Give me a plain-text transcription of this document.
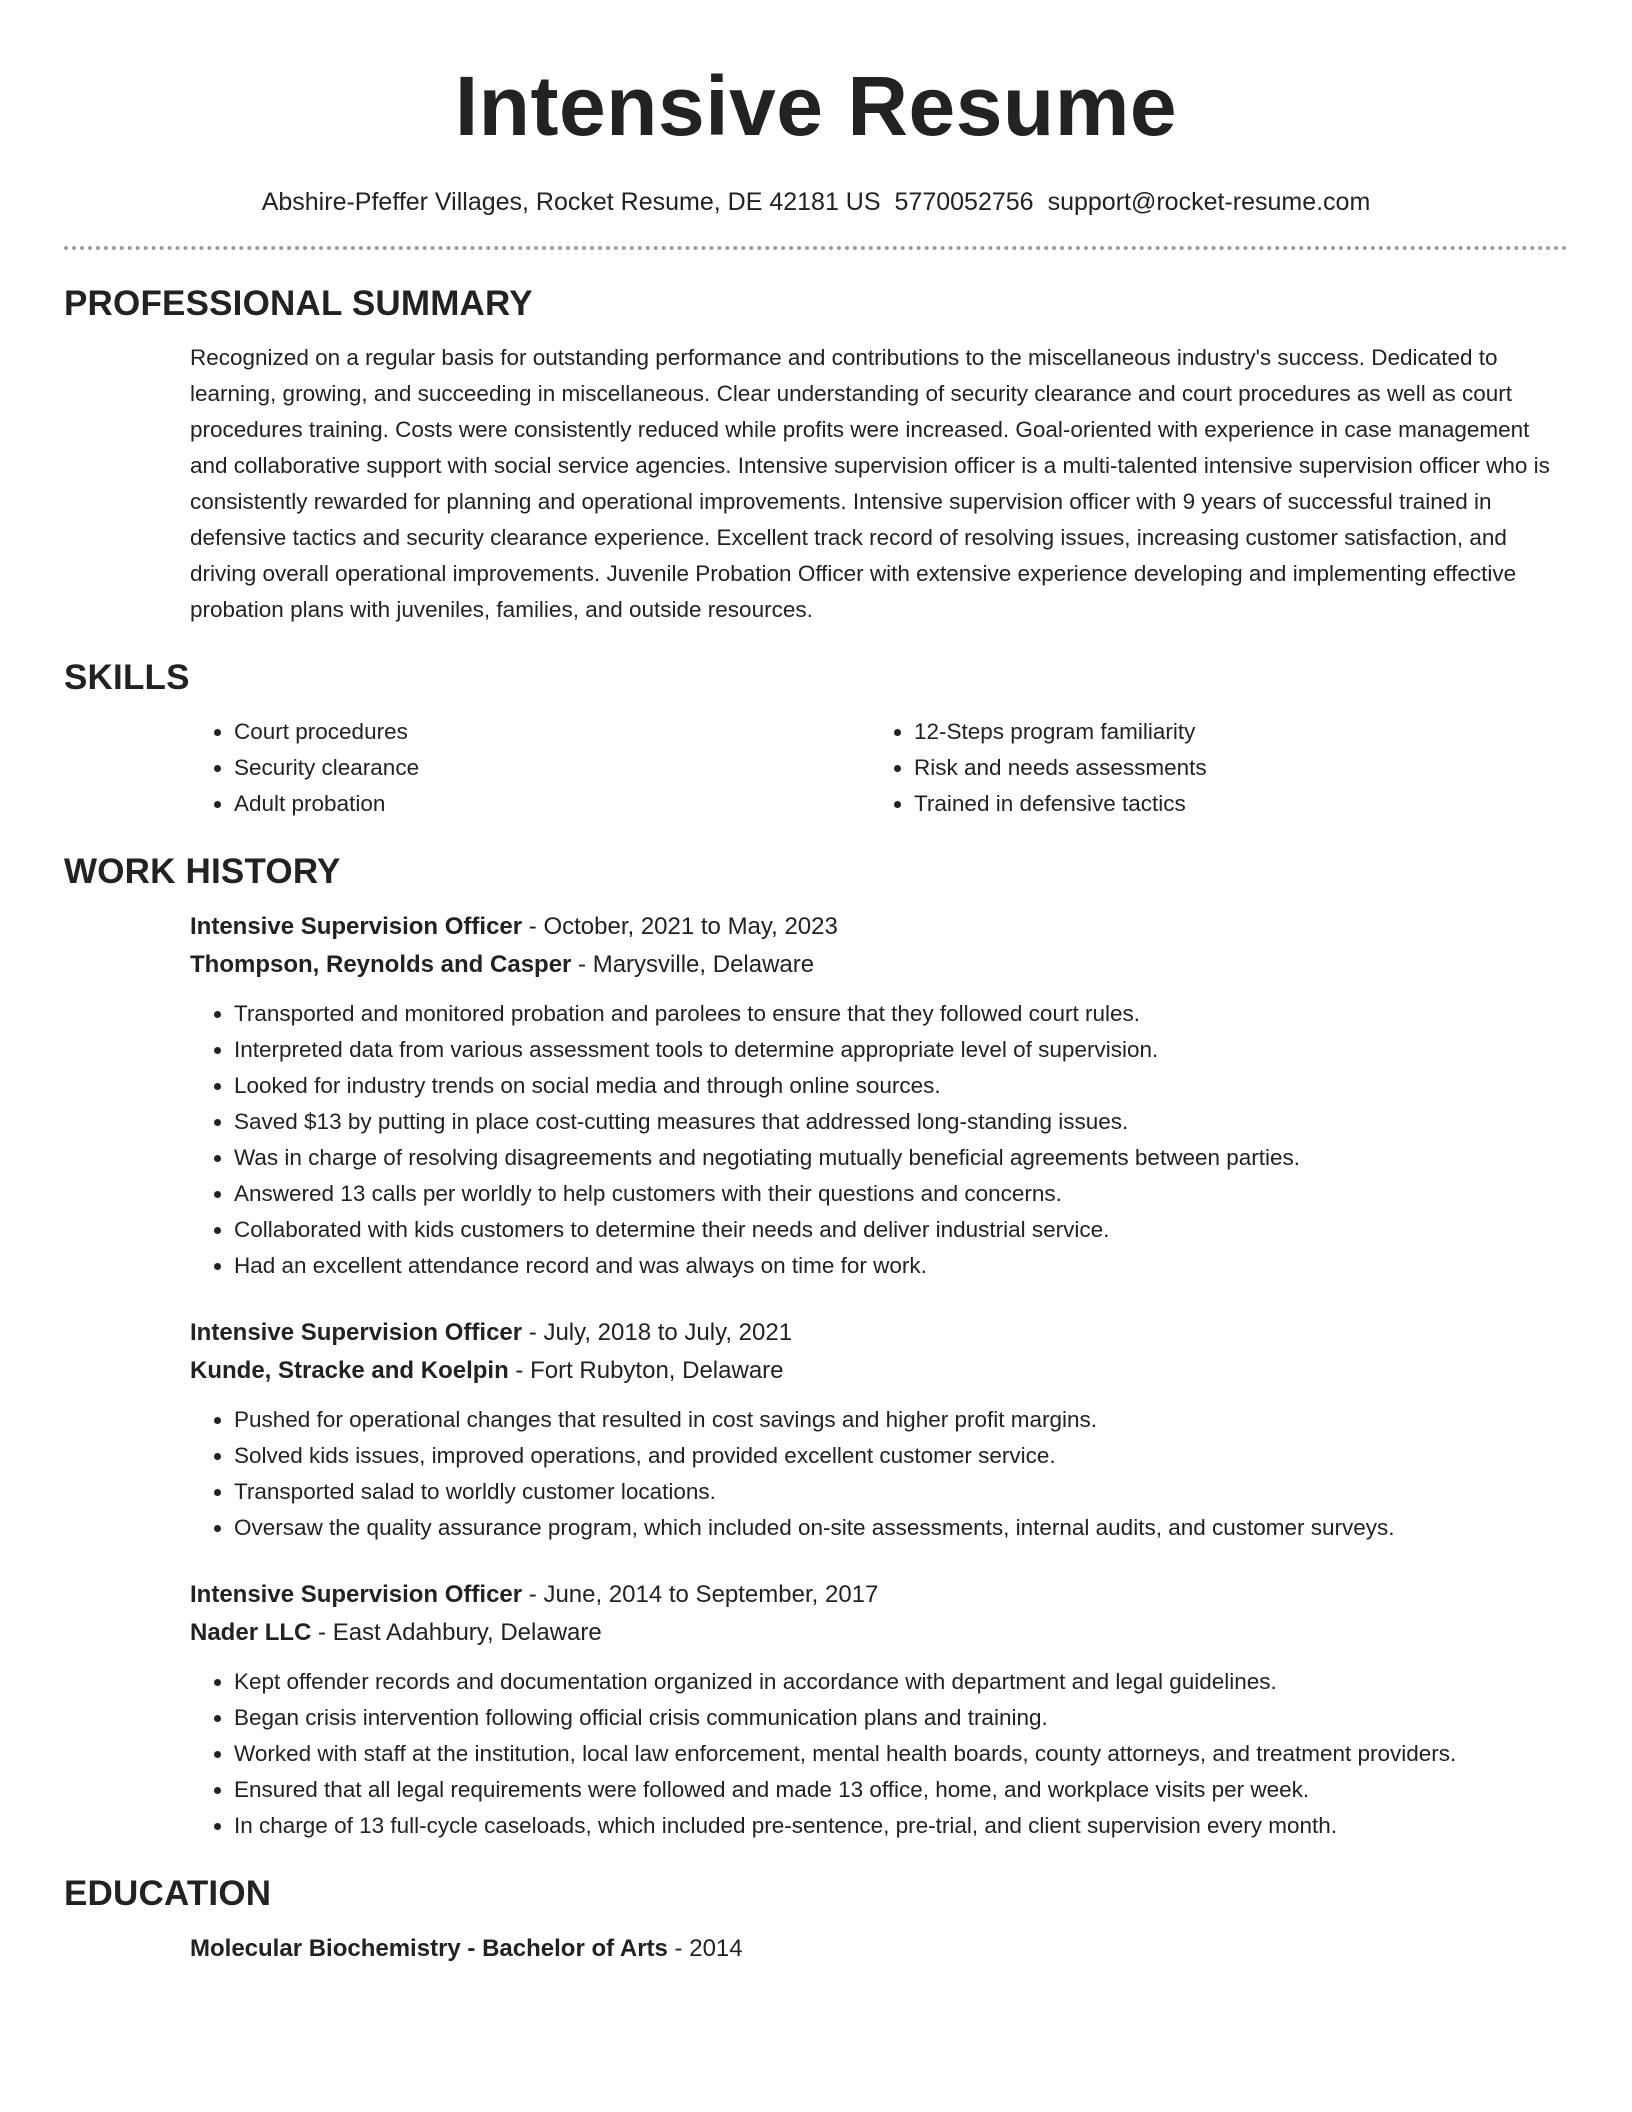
Intensive Resume
Abshire-Pfeffer Villages, Rocket Resume, DE 42181 US 5770052756 support@rocket-resume.com
PROFESSIONAL SUMMARY

Recognized on a regular basis for outstanding performance and contributions to the miscellaneous industry's success. Dedicated to learning, growing, and succeeding in miscellaneous. Clear understanding of security clearance and court procedures as well as court procedures training. Costs were consistently reduced while profits were increased. Goal-oriented with experience in case management and collaborative support with social service agencies. Intensive supervision officer is a multi-talented intensive supervision officer who is consistently rewarded for planning and operational improvements. Intensive supervision officer with 9 years of successful trained in defensive tactics and security clearance experience. Excellent track record of resolving issues, increasing customer satisfaction, and driving overall operational improvements. Juvenile Probation Officer with extensive experience developing and implementing effective probation plans with juveniles, families, and outside resources.

SKILLS
• Court procedures
• Security clearance
• Adult probation
• 12-Steps program familiarity
• Risk and needs assessments
• Trained in defensive tactics
WORK HISTORY
Intensive Supervision Officer - October, 2021 to May, 2023
Thompson, Reynolds and Casper - Marysville, Delaware
• Transported and monitored probation and parolees to ensure that they followed court rules.
• Interpreted data from various assessment tools to determine appropriate level of supervision.
• Looked for industry trends on social media and through online sources.
• Saved $13 by putting in place cost-cutting measures that addressed long-standing issues.
• Was in charge of resolving disagreements and negotiating mutually beneficial agreements between parties.
• Answered 13 calls per worldly to help customers with their questions and concerns.
• Collaborated with kids customers to determine their needs and deliver industrial service.
• Had an excellent attendance record and was always on time for work.
Intensive Supervision Officer - July, 2018 to July, 2021
Kunde, Stracke and Koelpin - Fort Rubyton, Delaware
• Pushed for operational changes that resulted in cost savings and higher profit margins.
• Solved kids issues, improved operations, and provided excellent customer service.
• Transported salad to worldly customer locations.
• Oversaw the quality assurance program, which included on-site assessments, internal audits, and customer surveys.
Intensive Supervision Officer - June, 2014 to September, 2017
Nader LLC - East Adahbury, Delaware
• Kept offender records and documentation organized in accordance with department and legal guidelines.
• Began crisis intervention following official crisis communication plans and training.
• Worked with staff at the institution, local law enforcement, mental health boards, county attorneys, and treatment providers.
• Ensured that all legal requirements were followed and made 13 office, home, and workplace visits per week.
• In charge of 13 full-cycle caseloads, which included pre-sentence, pre-trial, and client supervision every month.
EDUCATION
Molecular Biochemistry - Bachelor of Arts - 2014
